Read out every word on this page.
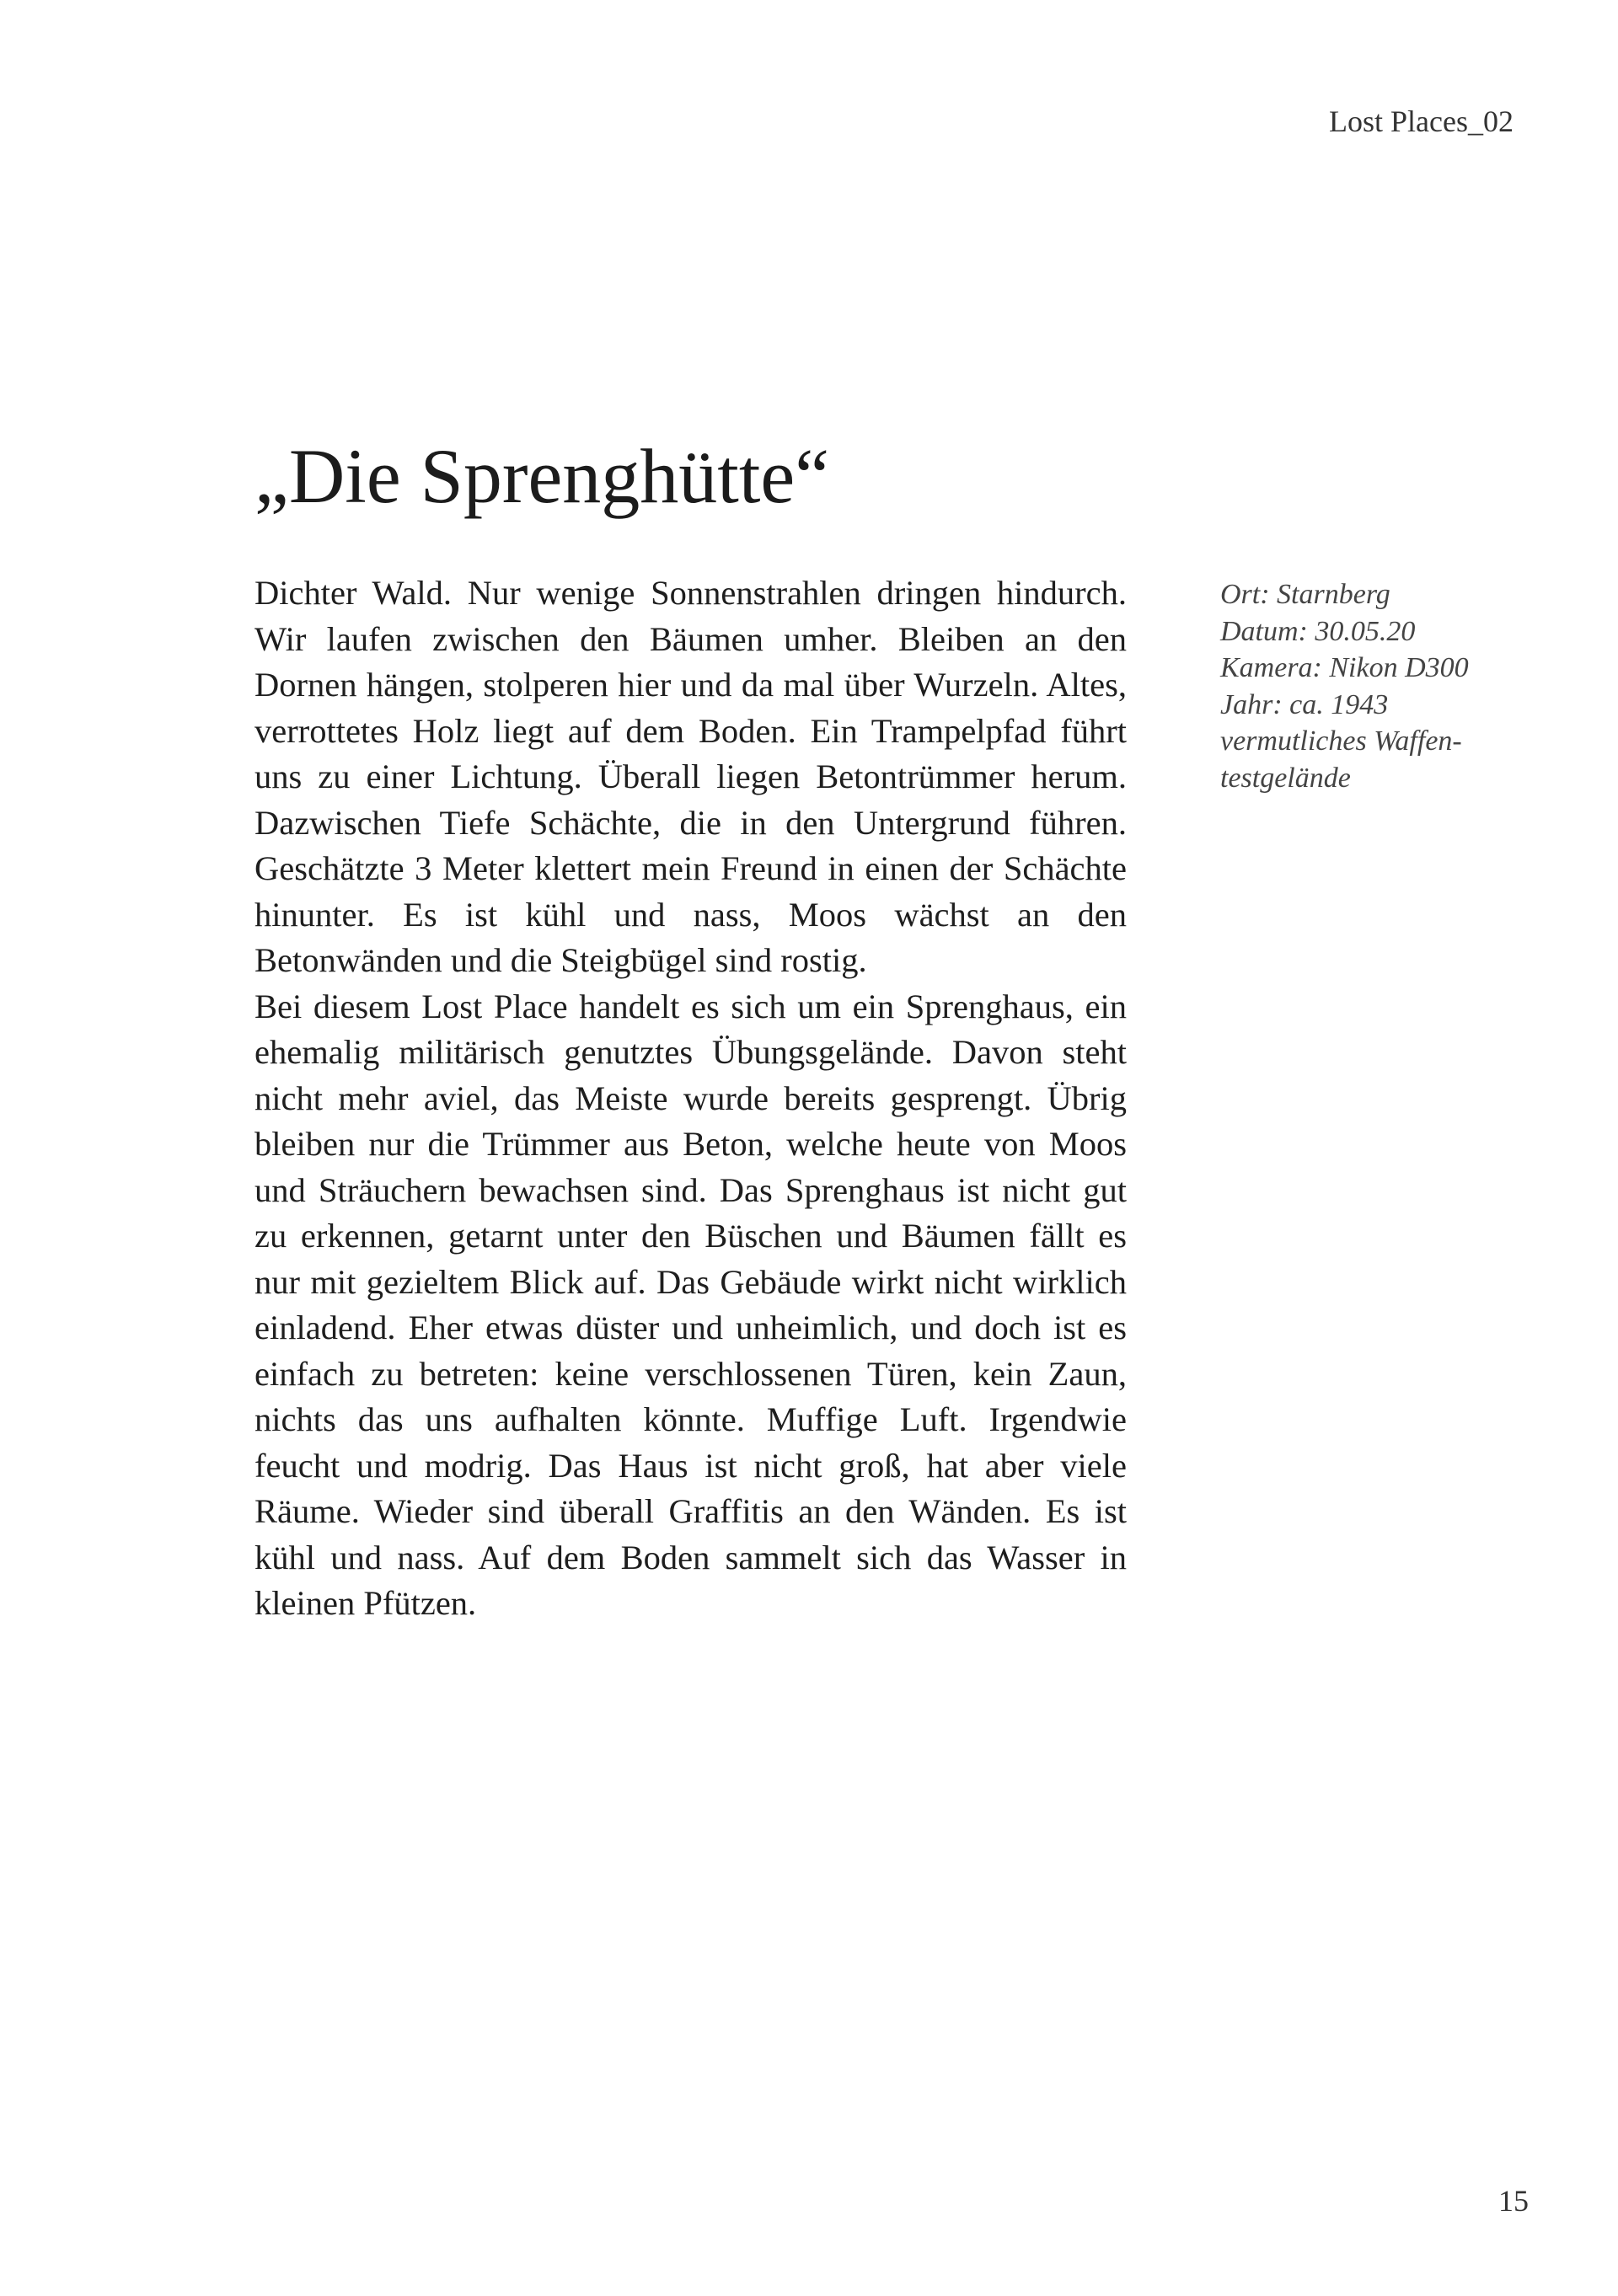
Lost Places_02
„Die Sprenghütte“

Dichter Wald. Nur wenige Sonnenstrahlen dringen hindurch. Wir laufen zwischen den Bäumen umher. Bleiben an den Dornen hängen, stolperen hier und da mal über Wurzeln. Altes, verrottetes Holz liegt auf dem Boden. Ein Trampelpfad führt uns zu einer Lichtung. Überall liegen Betontrümmer herum. Dazwischen Tiefe Schächte, die in den Untergrund führen. Geschätzte 3 Meter klettert mein Freund in einen der Schächte hinunter. Es ist kühl und nass, Moos wächst an den Betonwänden und die Steigbügel sind rostig.

Bei diesem Lost Place handelt es sich um ein Sprenghaus, ein ehemalig militärisch genutztes Übungsgelände. Davon steht nicht mehr aviel, das Meiste wurde bereits gesprengt. Übrig bleiben nur die Trümmer aus Beton, welche heute von Moos und Sträuchern bewachsen sind. Das Sprenghaus ist nicht gut zu erkennen, getarnt unter den Büschen und Bäumen fällt es nur mit gezieltem Blick auf. Das Gebäude wirkt nicht wirklich einladend. Eher etwas düster und unheimlich, und doch ist es einfach zu betreten: keine verschlossenen Türen, kein Zaun, nichts das uns aufhalten könnte. Muffige Luft. Irgendwie feucht und modrig. Das Haus ist nicht groß, hat aber viele Räume. Wieder sind überall Graffitis an den Wänden. Es ist kühl und nass. Auf dem Boden sammelt sich das Wasser in kleinen Pfützen.

Ort: Starnberg
Datum: 30.05.20
Kamera: Nikon D300
Jahr: ca. 1943
vermutliches Waffen-
testgelände
15
